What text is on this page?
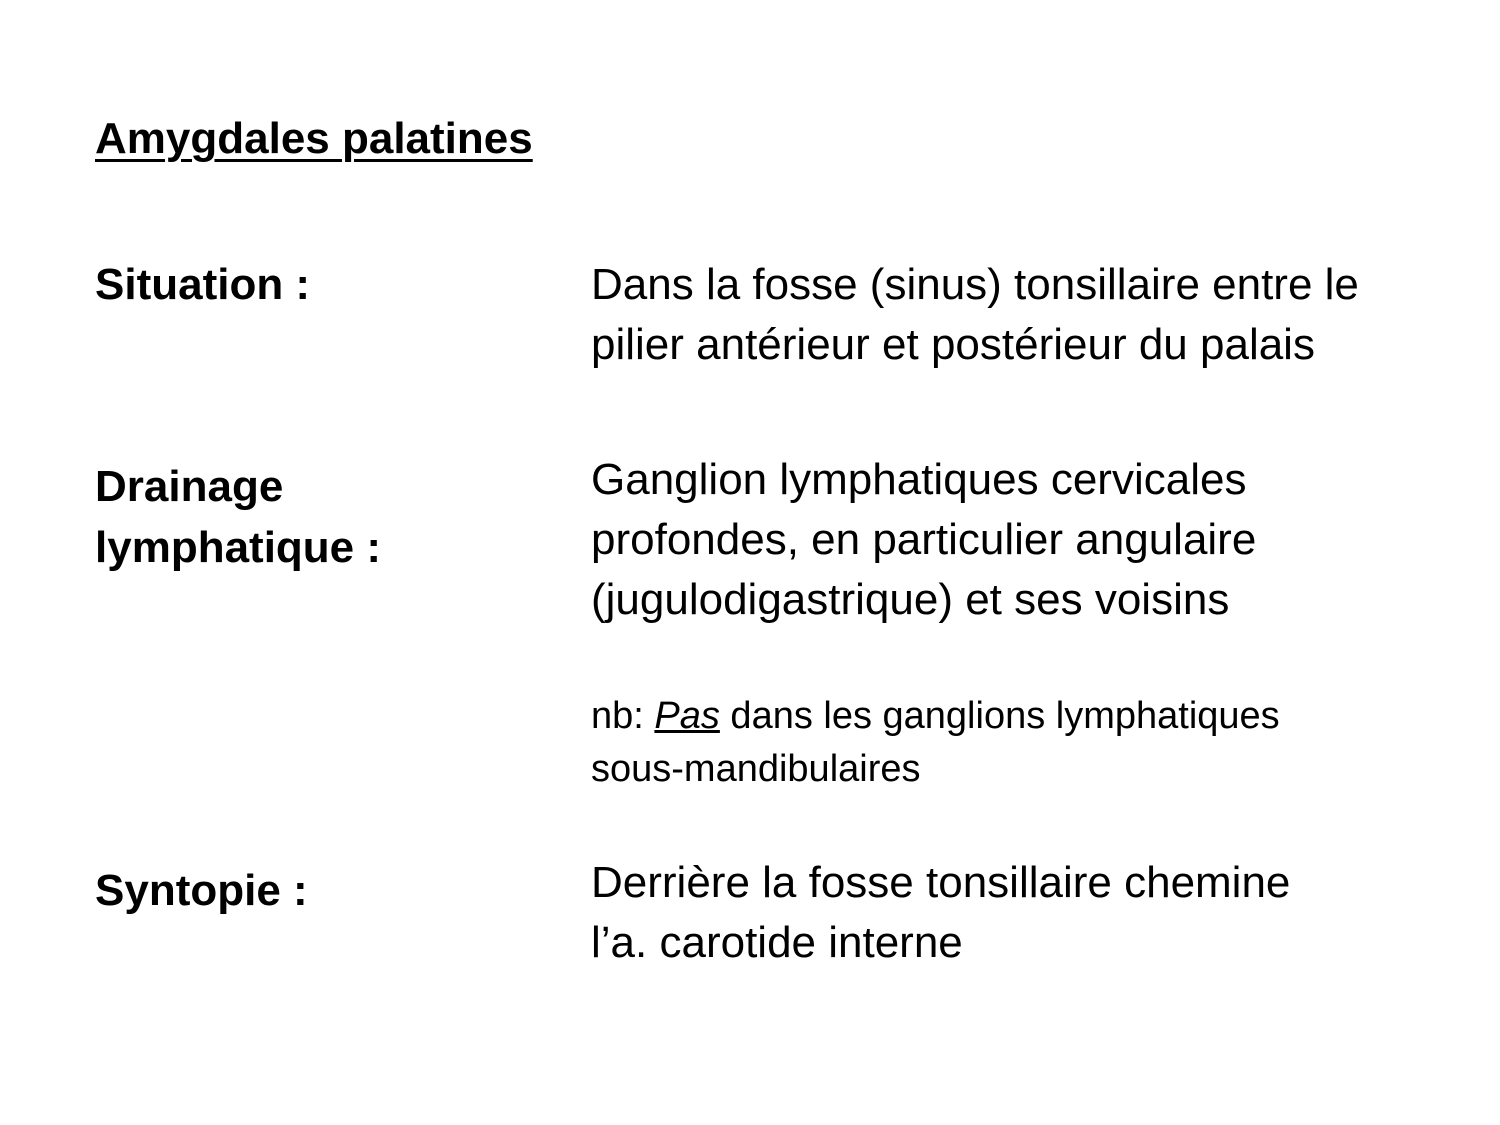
Amygdales palatines
Situation :	Dans la fosse (sinus) tonsillaire entre le
pilier antérieur et postérieur du palais
Drainage
lymphatique :
Ganglion lymphatiques cervicales
profondes, en particulier angulaire
(jugulodigastrique) et ses voisins
nb: Pas dans les ganglions lymphatiques
sous-mandibulaires
Syntopie :	Derrière la fosse tonsillaire chemine
l’a. carotide interne
